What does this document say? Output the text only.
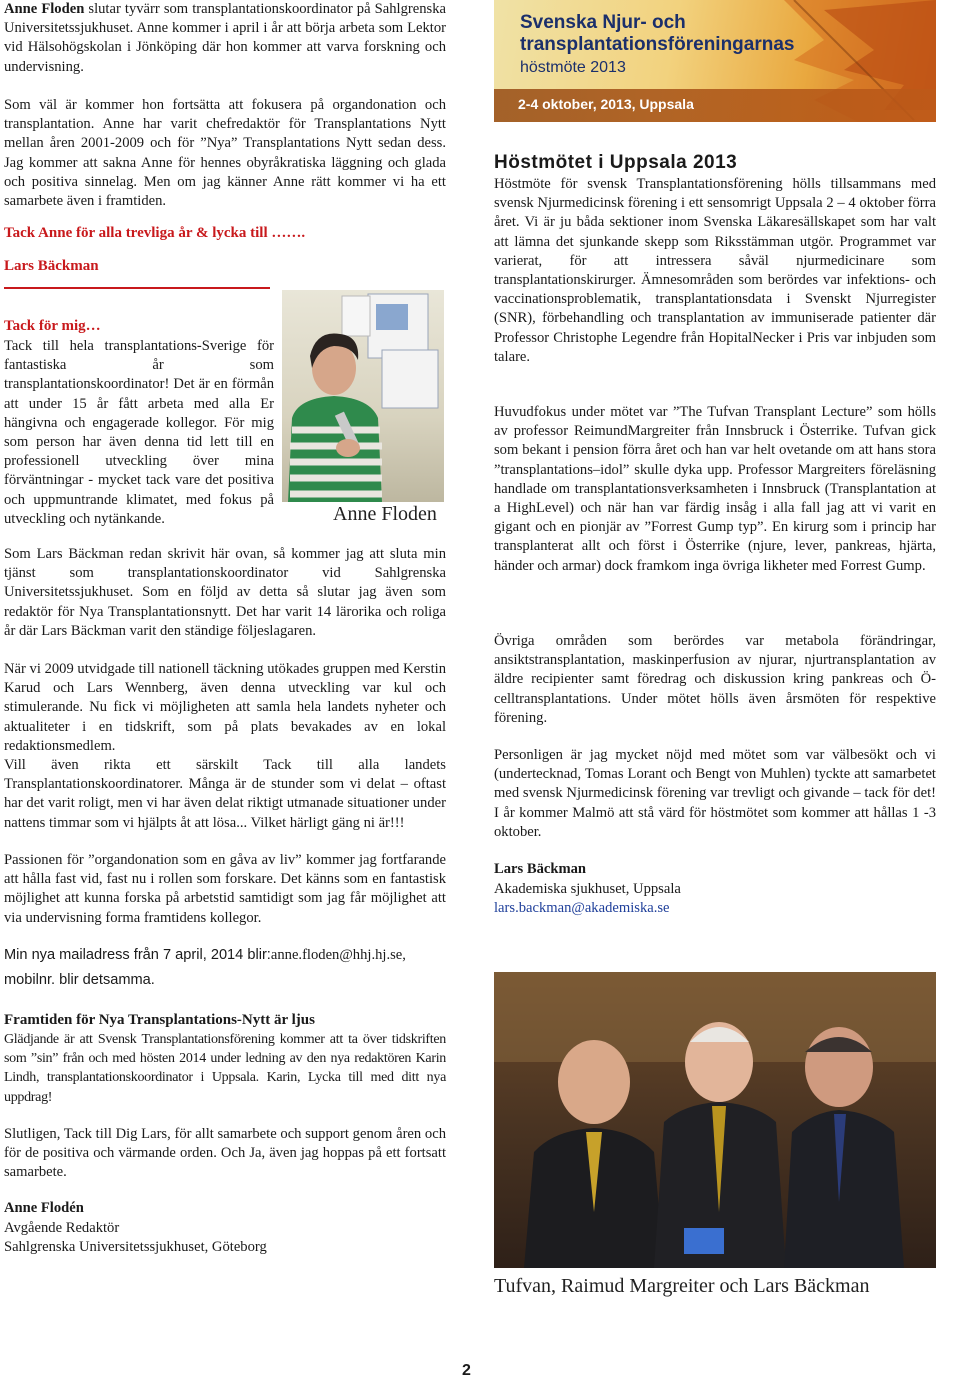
Anne Floden slutar tyvärr som transplantationskoordinator på Sahlgrenska Universitetssjukhuset. Anne kommer i april i år att börja arbeta som Lektor vid Hälsohögskolan i Jönköping där hon kommer att varva forskning och undervisning.

Som väl är kommer hon fortsätta att fokusera på organdonation och transplantation. Anne har varit chefredaktör för Transplantations Nytt mellan åren 2001-2009 och för ”Nya” Transplantations Nytt sedan dess. Jag kommer att sakna Anne för hennes obyråkratiska läggning och glada och positiva sinnelag. Men om jag känner Anne rätt kommer vi ha ett samarbete även i framtiden.

Tack Anne för alla trevliga år & lycka till …….

Lars Bäckman

Tack för mig…

Tack till hela transplantations-Sverige för fantastiska år som transplantationskoordinator! Det är en förmån att under 15 år fått arbeta med alla Er hängivna och engagerade kollegor. För mig som person har även denna tid lett till en professionell utveckling över mina förväntningar - mycket tack vare det positiva och uppmuntrande klimatet, med fokus på utveckling och nytänkande.	Anne Floden

Som Lars Bäckman redan skrivit här ovan, så kommer jag att sluta min tjänst som transplantationskoordinator vid Sahlgrenska Universitetssjukhuset. Som en följd av detta så slutar jag även som redaktör för Nya Transplantationsnytt. Det har varit 14 lärorika och roliga år där Lars Bäckman varit den ständige följeslagaren.

När vi 2009 utvidgade till nationell täckning utökades gruppen med Kerstin Karud och Lars Wennberg, även denna utveckling var kul och stimulerande. Nu fick vi möjligheten att samla hela landets nyheter och aktualiteter i en tidskrift, som på plats bevakades av en lokal redaktionsmedlem.

Vill även rikta ett särskilt Tack till alla landets Transplantationskoordinatorer. Många är de stunder som vi delat – oftast har det varit roligt, men vi har även delat riktigt utmanade situationer under nattens timmar som vi hjälpts åt att lösa... Vilket härligt gäng ni är!!!

Passionen för ”organdonation som en gåva av liv” kommer jag fortfarande att hålla fast vid, fast nu i rollen som forskare. Det känns som en fantastisk möjlighet att kunna forska på arbetstid samtidigt som jag får möjlighet att via undervisning forma framtidens kollegor.

Min nya mailadress från 7 april, 2014 blir:anne.floden@hhj.hj.se,

mobilnr. blir detsamma.

Framtiden för Nya Transplantations-Nytt är ljus

Glädjande är att Svensk Transplantationsförening kommer att ta över tidskriften som ”sin” från och med hösten 2014 under ledning av den nya redaktören Karin Lindh, transplantationskoordinator i Uppsala. Karin, Lycka till med ditt nya uppdrag!

Slutligen, Tack till Dig Lars, för allt samarbete och support genom åren och för de positiva och värmande orden. Och Ja, även jag hoppas på ett fortsatt samarbete.

Anne Flodén

Avgående Redaktör

Sahlgrenska Universitetssjukhuset, Göteborg

Svenska Njur- och
transplantationsföreningarnas
höstmöte 2013
2-4 oktober, 2013, Uppsala

Höstmötet i Uppsala 2013

Höstmöte för svensk Transplantationsförening hölls tillsammans med svensk Njurmedicinsk förening i ett sensomrigt Uppsala 2 – 4 oktober förra året. Vi är ju båda sektioner inom Svenska Läkaresällskapet som har valt att lämna det sjunkande skepp som Riksstämman utgör. Programmet var varierat, för att intressera såväl njurmedicinare som transplantationskirurger. Ämnesområden som berördes var infektions- och vaccinationsproblematik, transplantationsdata i Svenskt Njurregister (SNR), förbehandling och transplantation av immuniserade patienter där Professor Christophe Legendre från HopitalNecker i Pris var inbjuden som talare.

Huvudfokus under mötet var ”The Tufvan Transplant Lecture” som hölls av professor ReimundMargreiter från Innsbruck i Österrike. Tufvan gick som bekant i pension förra året och han var helt ovetande om att hans stora ”transplantations–idol” skulle dyka upp. Professor Margreiters föreläsning handlade om transplantationsverksamheten i Innsbruck (Transplantation at a HighLevel) och när han var färdig insåg i alla fall jag att vi varit en gigant och en pionjär av ”Forrest Gump typ”. En kirurg som i princip har transplanterat allt och först i Österrike (njure, lever, pankreas, hjärta, händer och armar) dock framkom inga övriga likheter med Forrest Gump.

Övriga områden som berördes var metabola förändringar, ansiktstransplantation, maskinperfusion av njurar, njurtransplantation av äldre recipienter samt föredrag och diskussion kring pankreas och Ö-celltransplantations. Under mötet hölls även årsmöten för respektive förening.

Personligen är jag mycket nöjd med mötet som var välbesökt och vi (undertecknad, Tomas Lorant och Bengt von Muhlen) tyckte att samarbetet med svensk Njurmedicinsk förening var trevligt och givande – tack för det! I år kommer Malmö att stå värd för höstmötet som kommer att hållas 1 -3 oktober.

Lars Bäckman

Akademiska sjukhuset, Uppsala

lars.backman@akademiska.se

Tufvan, Raimud Margreiter och Lars Bäckman

2
